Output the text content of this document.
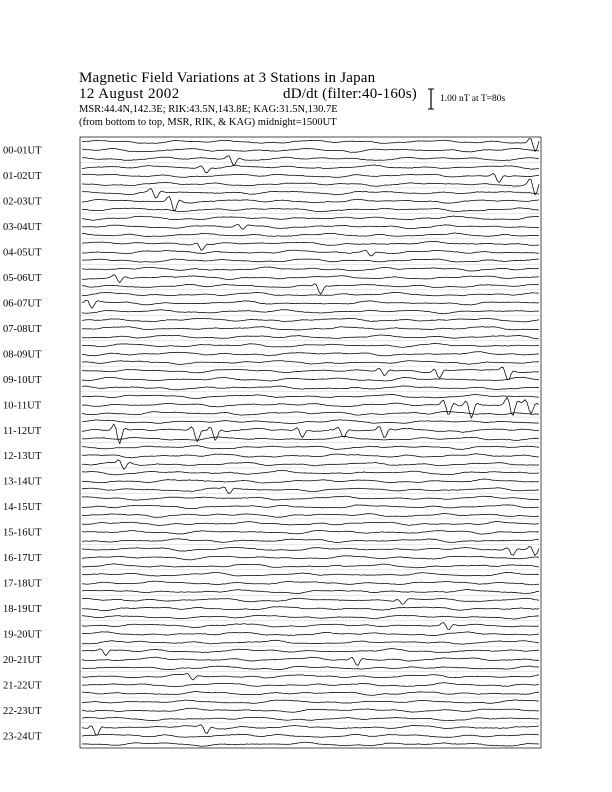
Magnetic Field Variations at 3 Stations in Japan
12 August 2002	dD/dt (filter:40-160s)
MSR:44.4N,142.3E; RIK:43.5N,143.8E; KAG:31.5N,130.7E
(from bottom to top, MSR, RIK, & KAG) midnight=1500UT
1.00 nT at T=80s
00-01UT
01-02UT
02-03UT
03-04UT
04-05UT
05-06UT
06-07UT
07-08UT
08-09UT
09-10UT
10-11UT
11-12UT
12-13UT
13-14UT
14-15UT
15-16UT
16-17UT
17-18UT
18-19UT
19-20UT
20-21UT
21-22UT
22-23UT
23-24UT
